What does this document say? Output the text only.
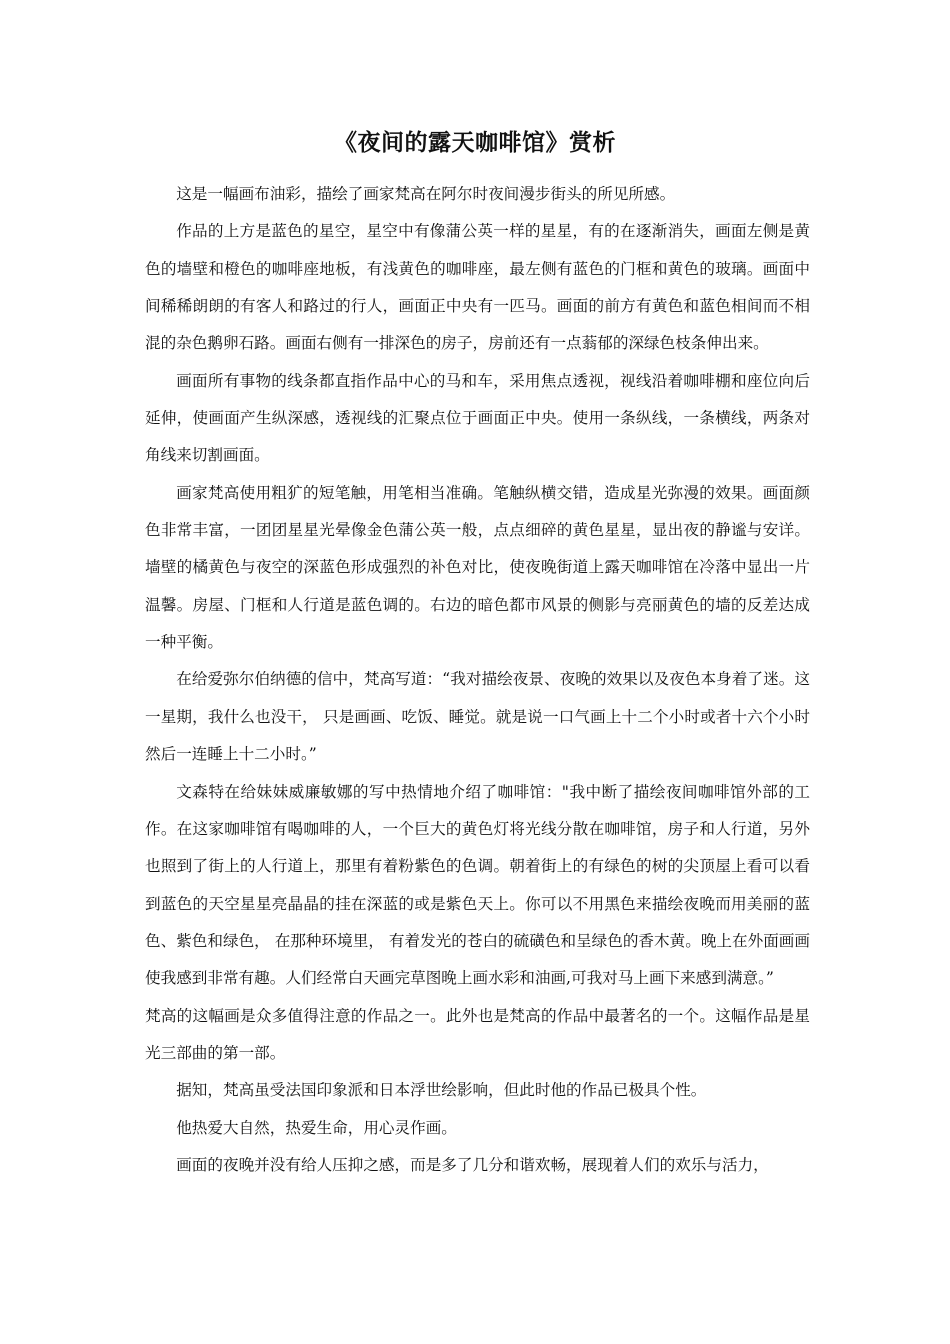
《夜间的露天咖啡馆》赏析

这是一幅画布油彩，描绘了画家梵高在阿尔时夜间漫步街头的所见所感。

作品的上方是蓝色的星空，星空中有像蒲公英一样的星星，有的在逐渐消失，画面左侧是黄色的墙壁和橙色的咖啡座地板，有浅黄色的咖啡座，最左侧有蓝色的门框和黄色的玻璃。画面中间稀稀朗朗的有客人和路过的行人，画面正中央有一匹马。画面的前方有黄色和蓝色相间而不相混的杂色鹅卵石路。画面右侧有一排深色的房子，房前还有一点蓊郁的深绿色枝条伸出来。

画面所有事物的线条都直指作品中心的马和车，采用焦点透视，视线沿着咖啡棚和座位向后延伸，使画面产生纵深感，透视线的汇聚点位于画面正中央。使用一条纵线，一条横线，两条对角线来切割画面。

画家梵高使用粗犷的短笔触，用笔相当准确。笔触纵横交错，造成星光弥漫的效果。画面颜色非常丰富，一团团星星光晕像金色蒲公英一般，点点细碎的黄色星星，显出夜的静谧与安详。墙壁的橘黄色与夜空的深蓝色形成强烈的补色对比，使夜晚街道上露天咖啡馆在冷落中显出一片温馨。房屋、门框和人行道是蓝色调的。右边的暗色都市风景的侧影与亮丽黄色的墙的反差达成一种平衡。

在给爱弥尔伯纳德的信中，梵高写道：“我对描绘夜景、夜晚的效果以及夜色本身着了迷。这一星期，我什么也没干， 只是画画、吃饭、睡觉。就是说一口气画上十二个小时或者十六个小时然后一连睡上十二小时。”

文森特在给妹妹威廉敏娜的写中热情地介绍了咖啡馆："我中断了描绘夜间咖啡馆外部的工作。在这家咖啡馆有喝咖啡的人，一个巨大的黄色灯将光线分散在咖啡馆，房子和人行道，另外也照到了街上的人行道上，那里有着粉紫色的色调。朝着街上的有绿色的树的尖顶屋上看可以看到蓝色的天空星星亮晶晶的挂在深蓝的或是紫色天上。你可以不用黑色来描绘夜晚而用美丽的蓝色、紫色和绿色， 在那种环境里， 有着发光的苍白的硫磺色和呈绿色的香木黄。晚上在外面画画使我感到非常有趣。人们经常白天画完草图晚上画水彩和油画,可我对马上画下来感到满意。”

梵高的这幅画是众多值得注意的作品之一。此外也是梵高的作品中最著名的一个。这幅作品是星光三部曲的第一部。

据知，梵高虽受法国印象派和日本浮世绘影响，但此时他的作品已极具个性。

他热爱大自然，热爱生命，用心灵作画。

画面的夜晚并没有给人压抑之感，而是多了几分和谐欢畅，展现着人们的欢乐与活力，
